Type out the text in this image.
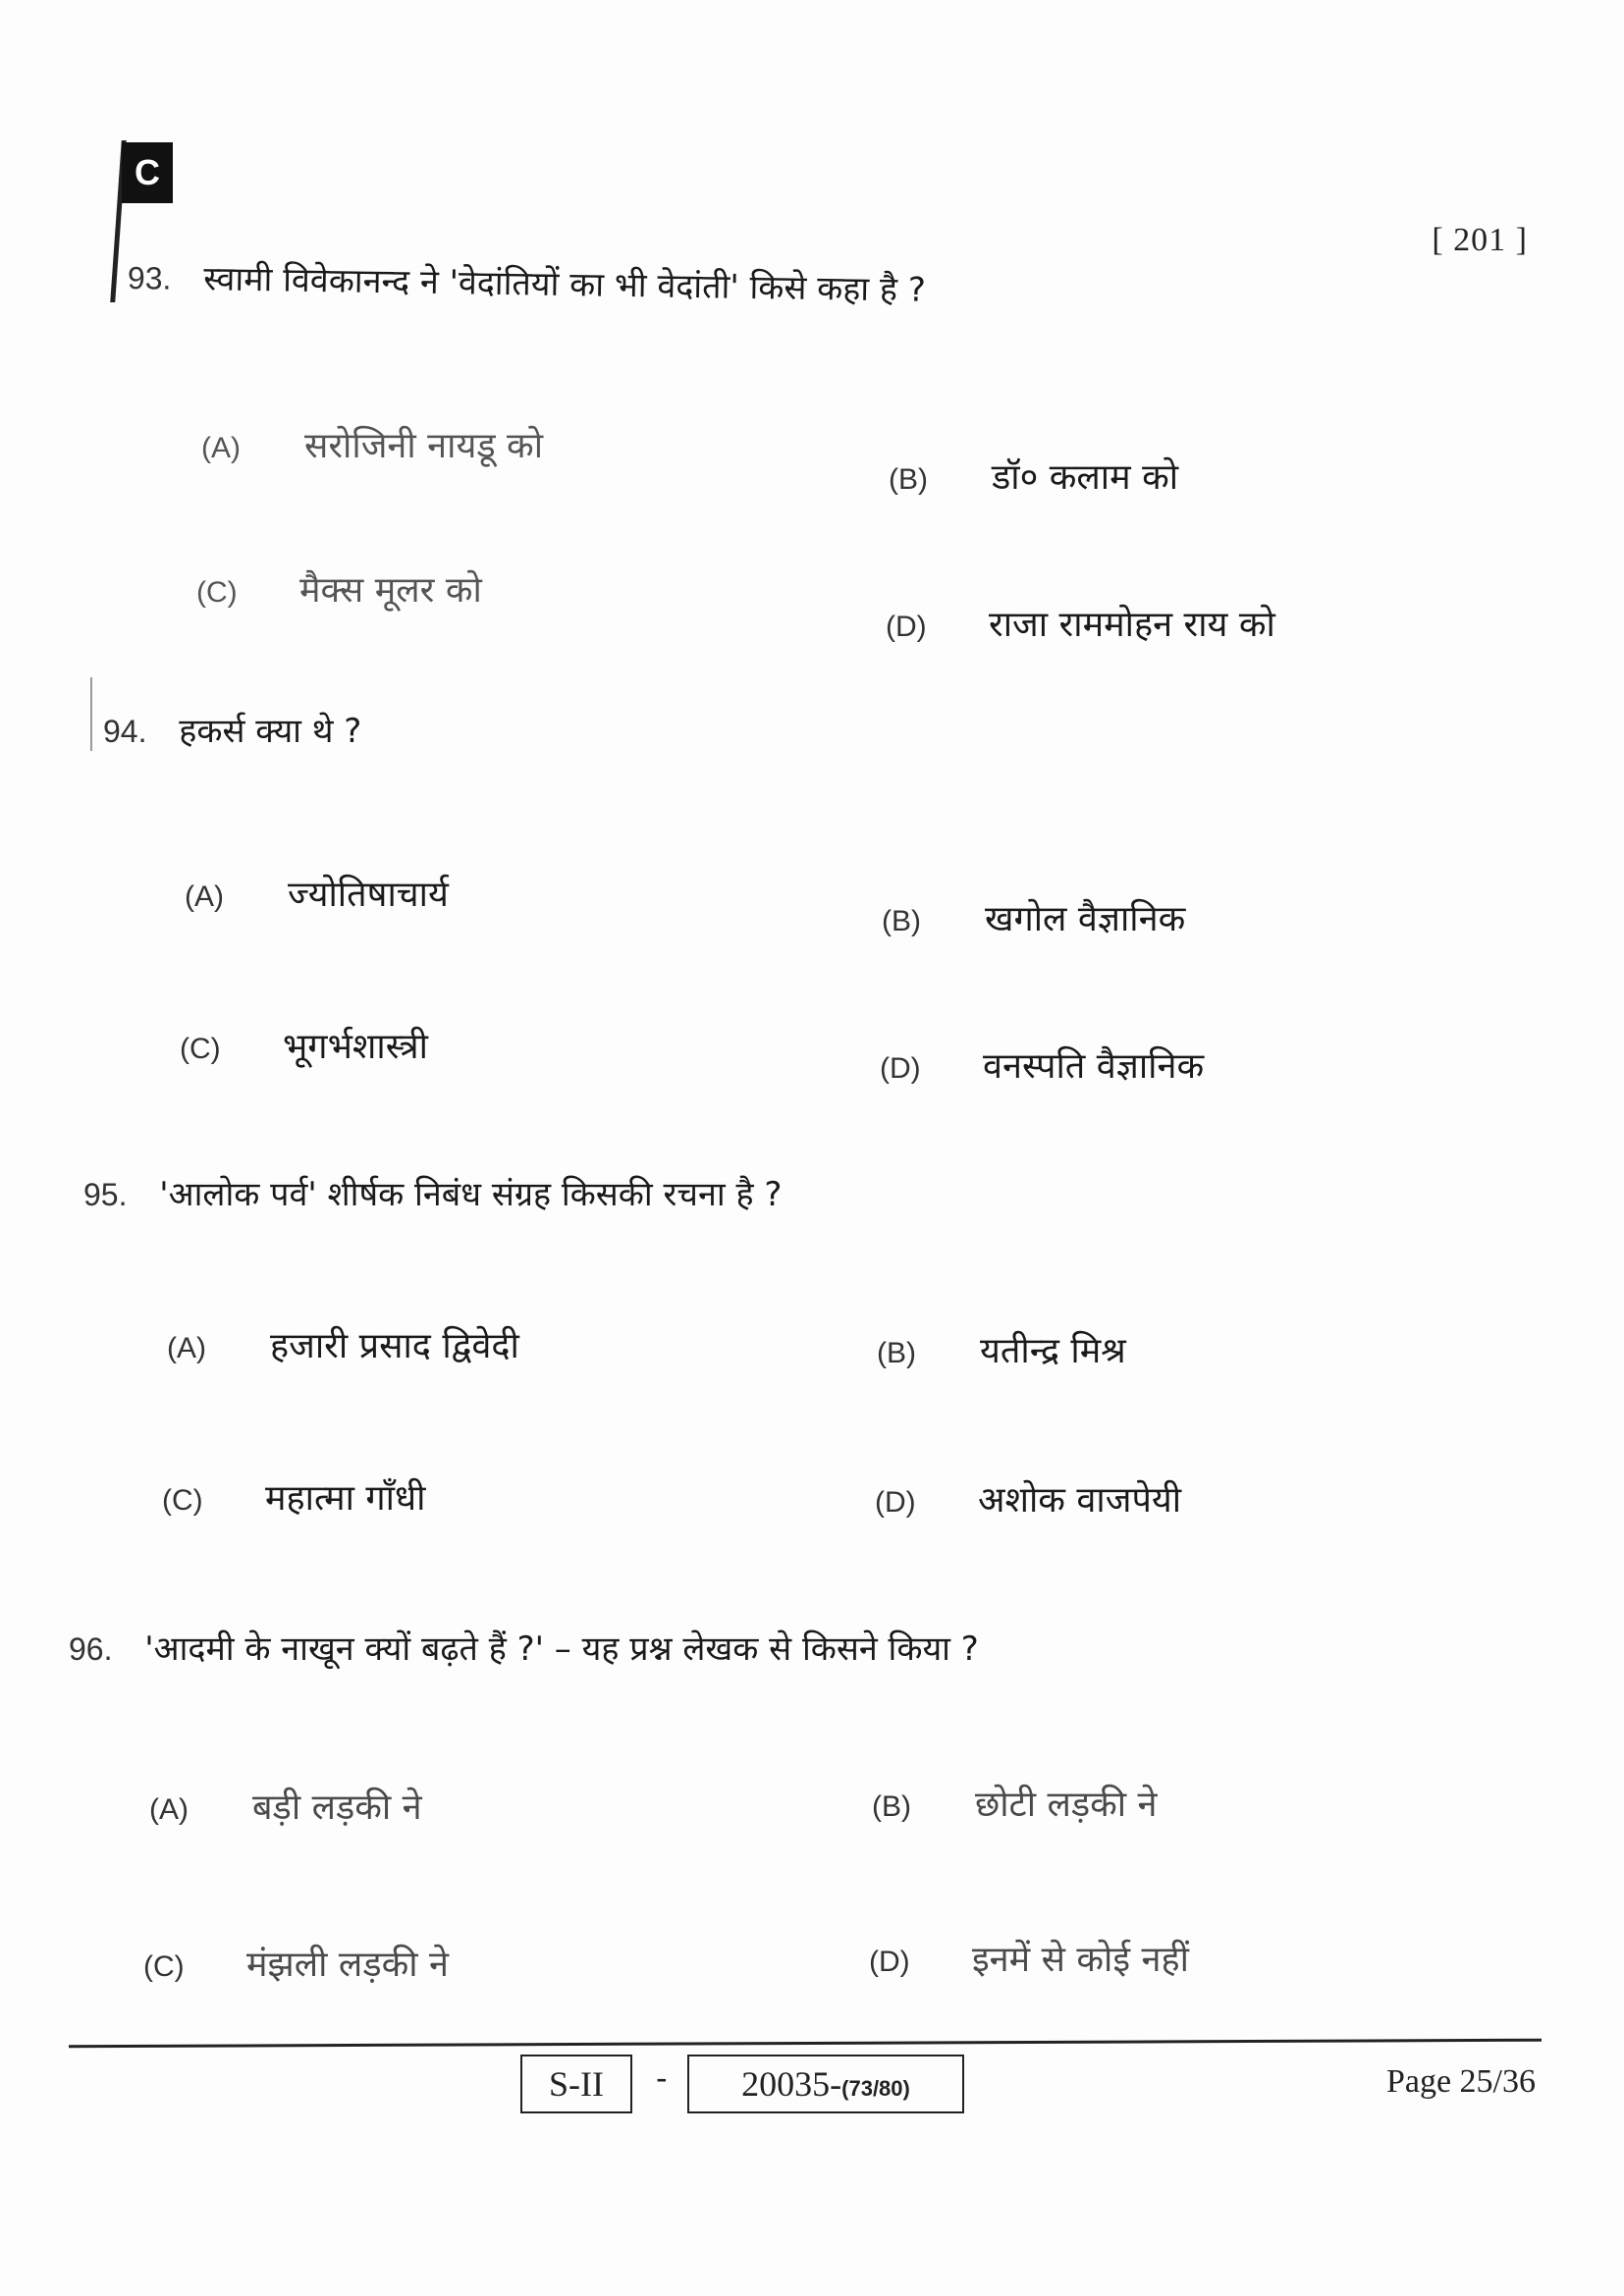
C
[ 201 ]
93. स्वामी विवेकानन्द ने 'वेदांतियों का भी वेदांती' किसे कहा है ?
(A) सरोजिनी नायडू को
(B) डॉ० कलाम को
(C) मैक्स मूलर को
(D) राजा राममोहन राय को
94. हकर्स क्या थे ?
(A) ज्योतिषाचार्य
(B) खगोल वैज्ञानिक
(C) भूगर्भशास्त्री
(D) वनस्पति वैज्ञानिक
95. 'आलोक पर्व' शीर्षक निबंध संग्रह किसकी रचना है ?
(A) हजारी प्रसाद द्विवेदी	(B) यतीन्द्र मिश्र
(C) महात्मा गाँधी	(D) अशोक वाजपेयी
96. 'आदमी के नाखून क्यों बढ़ते हैं ?' – यह प्रश्न लेखक से किसने किया ?
(A) बड़ी लड़की ने	(B) छोटी लड़की ने
(C) मंझली लड़की ने	(D) इनमें से कोई नहीं
S-II	-	20035-(73/80)	Page 25/36
